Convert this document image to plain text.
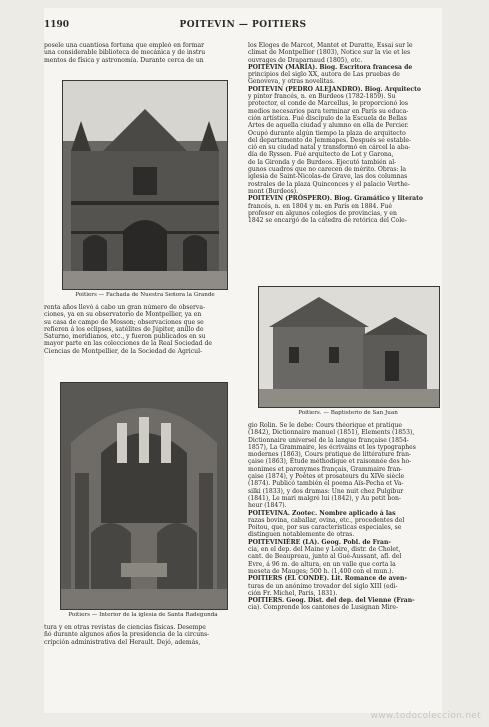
1190	POITEVIN — POITIERS

posele una cuantiosa fortuna que empleó en formar

una considerable biblioteca de mecánica y de instru

mentos de física y astronomía. Durante cerca de un

Poitiers — Fachada de Nuestra Señora la Grande

renta años llevó á cabo un gran número de observa-

ciones, ya en su observatorio de Montpellier, ya en

su casa de campo de Mosson; observaciones que se

refieren á los eclipses, satélites de Júpiter, anillo de

Saturno, meridianos, etc., y fueron publicados en su

mayor parte en las colecciones de la Real Sociedad de

Ciencias de Montpellier, de la Sociedad de Agricul-

Poitiers — Interior de la iglesia de Santa Radegunda

tura y en otras revistas de ciencias físicas. Desempe

ñó durante algunos años la presidencia de la circuns-

cripción administrativa del Herault. Dejó, además,

los Eloges de Marcot, Mantet et Duratte, Essai sur le

climat de Montpellier (1803), Notice sur la vie et les

ouvrages de Draparnaud (1805), etc.

POITEVIN (MARÍA). Biog. Escritora francesa de

principios del siglo XX, autora de Las pruebas de

Genoveva, y otras novelitas.

POITEVIN (PEDRO ALEJANDRO). Biog. Arquitecto

y pintor francés, n. en Burdeos (1782-1859). Su

protector, el conde de Marcellus, le proporcionó los

medios necesarios para terminar en París su educa-

ción artística. Fué discípulo de la Escuela de Bellas

Artes de aquella ciudad y alumno en ella de Percier.

Ocupó durante algún tiempo la plaza de arquitecto

del departamento de Jemmapes. Después se estable-

ció en su ciudad natal y transformó en cárcel la aba-

día de Ryssen. Fué arquitecto de Lot y Garona,

de la Gironda y de Burdeos. Ejecutó también al-

gunos cuadros que no carecen de mérito. Obras: la

iglesia de Saint-Nicolas-de Grave, las dos columnas

rostrales de la plaza Quinconces y el palacio Verthe-

mont (Burdeos).

POITEVIN (PRÓSPERO). Biog. Gramático y literato

francés, n. en 1804 y m. en París en 1884. Fué

profesor en algunos colegios de provincias, y en

1842 se encargó de la cátedra de retórica del Cole-

Poitiers. — Baptisterio de San Juan

gio Rolin. Se le debe: Cours théorique et pratique

(1842), Dictionnaire manuel (1851), Elements (1853),

Dictionnaire universel de la langue française (1854-

1857), La Grammaire, les écrivains et les typographes

modernes (1863), Cours pratique de littérature fran-

çaise (1863), Étude méthodique et raisonnée des ho-

monimes et paronymes français, Grammaire fran-

çaise (1874), y Poètes et prosateurs du XIVe siècle

(1874). Publicó también el poema Aïs-Pecha et Va-

silki (1833), y dos dramas: Une nuit chez Pulgibur

(1841), Le mari malgré lui (1842), y Au petit bon-

heur (1847).

POITEVINA. Zootec. Nombre aplicado á las

razas bovina, caballar, ovina, etc., procedentes del

Poitou, que, por sus características especiales, se

distinguen notablemente de otras.

POITEVINIÈRE (LA). Geog. Pobl. de Fran-

cia, en el dep. del Maine y Loire, distr. de Cholet,

cant. de Beaupreau, junto al Gué-Aussant, afl. del

Evre, á 96 m. de altura, en un valle que corta la

meseta de Mauges; 500 h. (1,400 con el mun.).

POITIERS (EL CONDE). Lit. Romance de aven-

turas de un anónimo trovador del siglo XIII (edi-

ción Fr. Michel, París, 1831).

POITIERS. Geog. Dist. del dep. del Vienne (Fran-

cia). Comprende los cantones de Lusignan Mire-

www.todocoleccion.net
